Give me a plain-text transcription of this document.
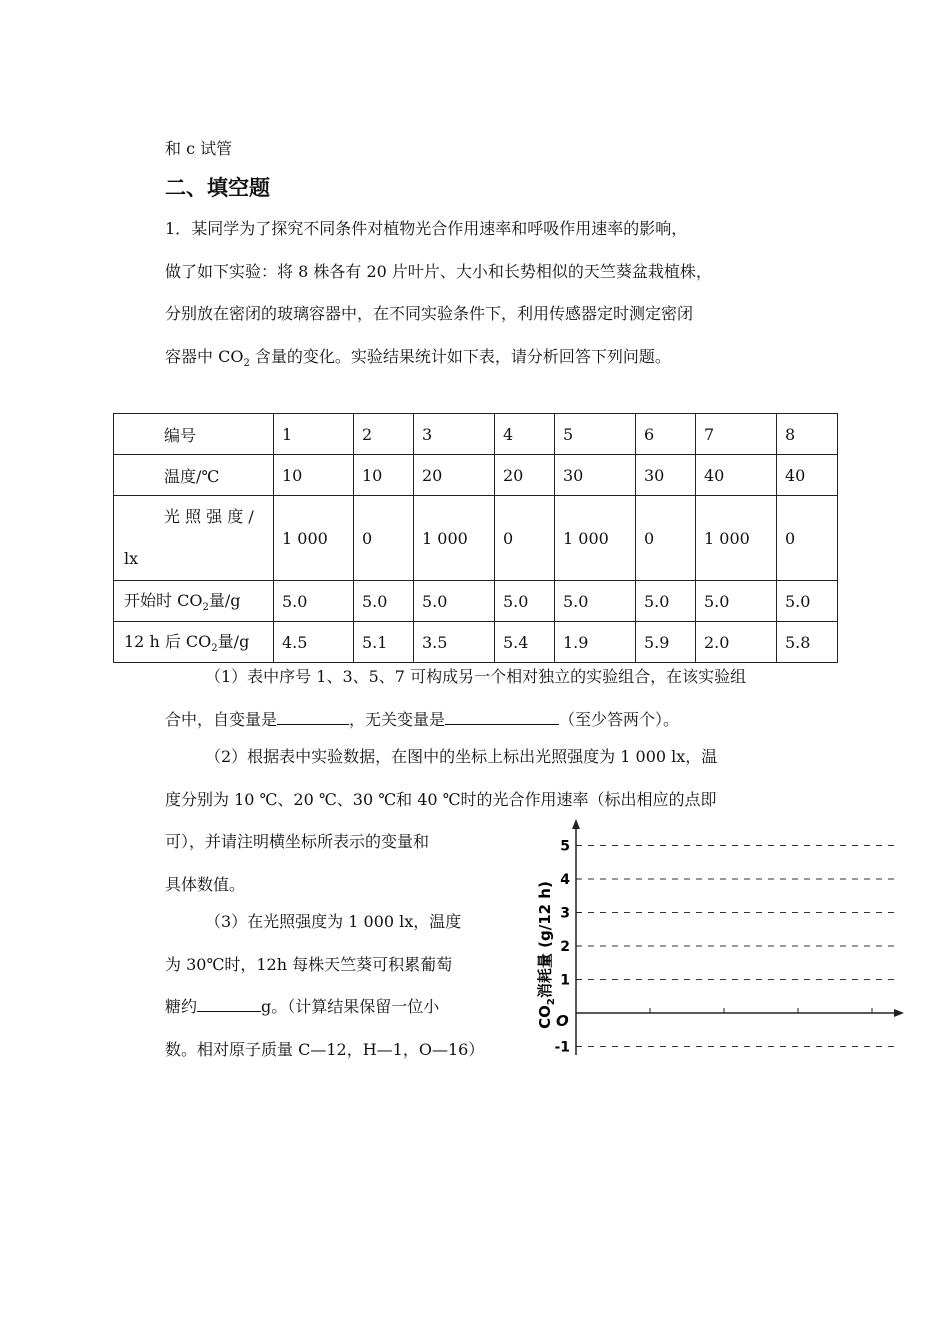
和 c 试管
二、填空题
1．某同学为了探究不同条件对植物光合作用速率和呼吸作用速率的影响，
做了如下实验：将 8 株各有 20 片叶片、大小和长势相似的天竺葵盆栽植株，
分别放在密闭的玻璃容器中，在不同实验条件下，利用传感器定时测定密闭
容器中 $CO_2$ 含量的变化。实验结果统计如下表，请分析回答下列问题。
编号	1	2	3	4	5	6	7	8
温度/℃	10	10	20	20	30	30	40	40

光 照 强 度 /
lx	1 000	0	1 000	0	1 000	0	1 000	0
开始时 $CO_2$量/g	5.0	5.0	5.0	5.0	5.0	5.0	5.0	5.0
12 h 后 $CO_2$量/g	4.5	5.1	3.5	5.4	1.9	5.9	2.0	5.8
（1）表中序号 1、3、5、7 可构成另一个相对独立的实验组合，在该实验组
合中，自变量是	，无关变量是	（至少答两个）。
（2）根据表中实验数据，在图中的坐标上标出光照强度为 1 000 lx，温
度分别为 10 ℃、20 ℃、30 ℃和 40 ℃时的光合作用速率（标出相应的点即
可），并请注明横坐标所表示的变量和
具体数值。
（3）在光照强度为 1 000 lx，温度
为 30℃时，12h 每株天竺葵可积累葡萄
糖约	g。（计算结果保留一位小
数。相对原子质量 C—12，H—1，O—16）
$CO_2$消耗量 (g/12 h)
-1
1
2
3
4
5
O
